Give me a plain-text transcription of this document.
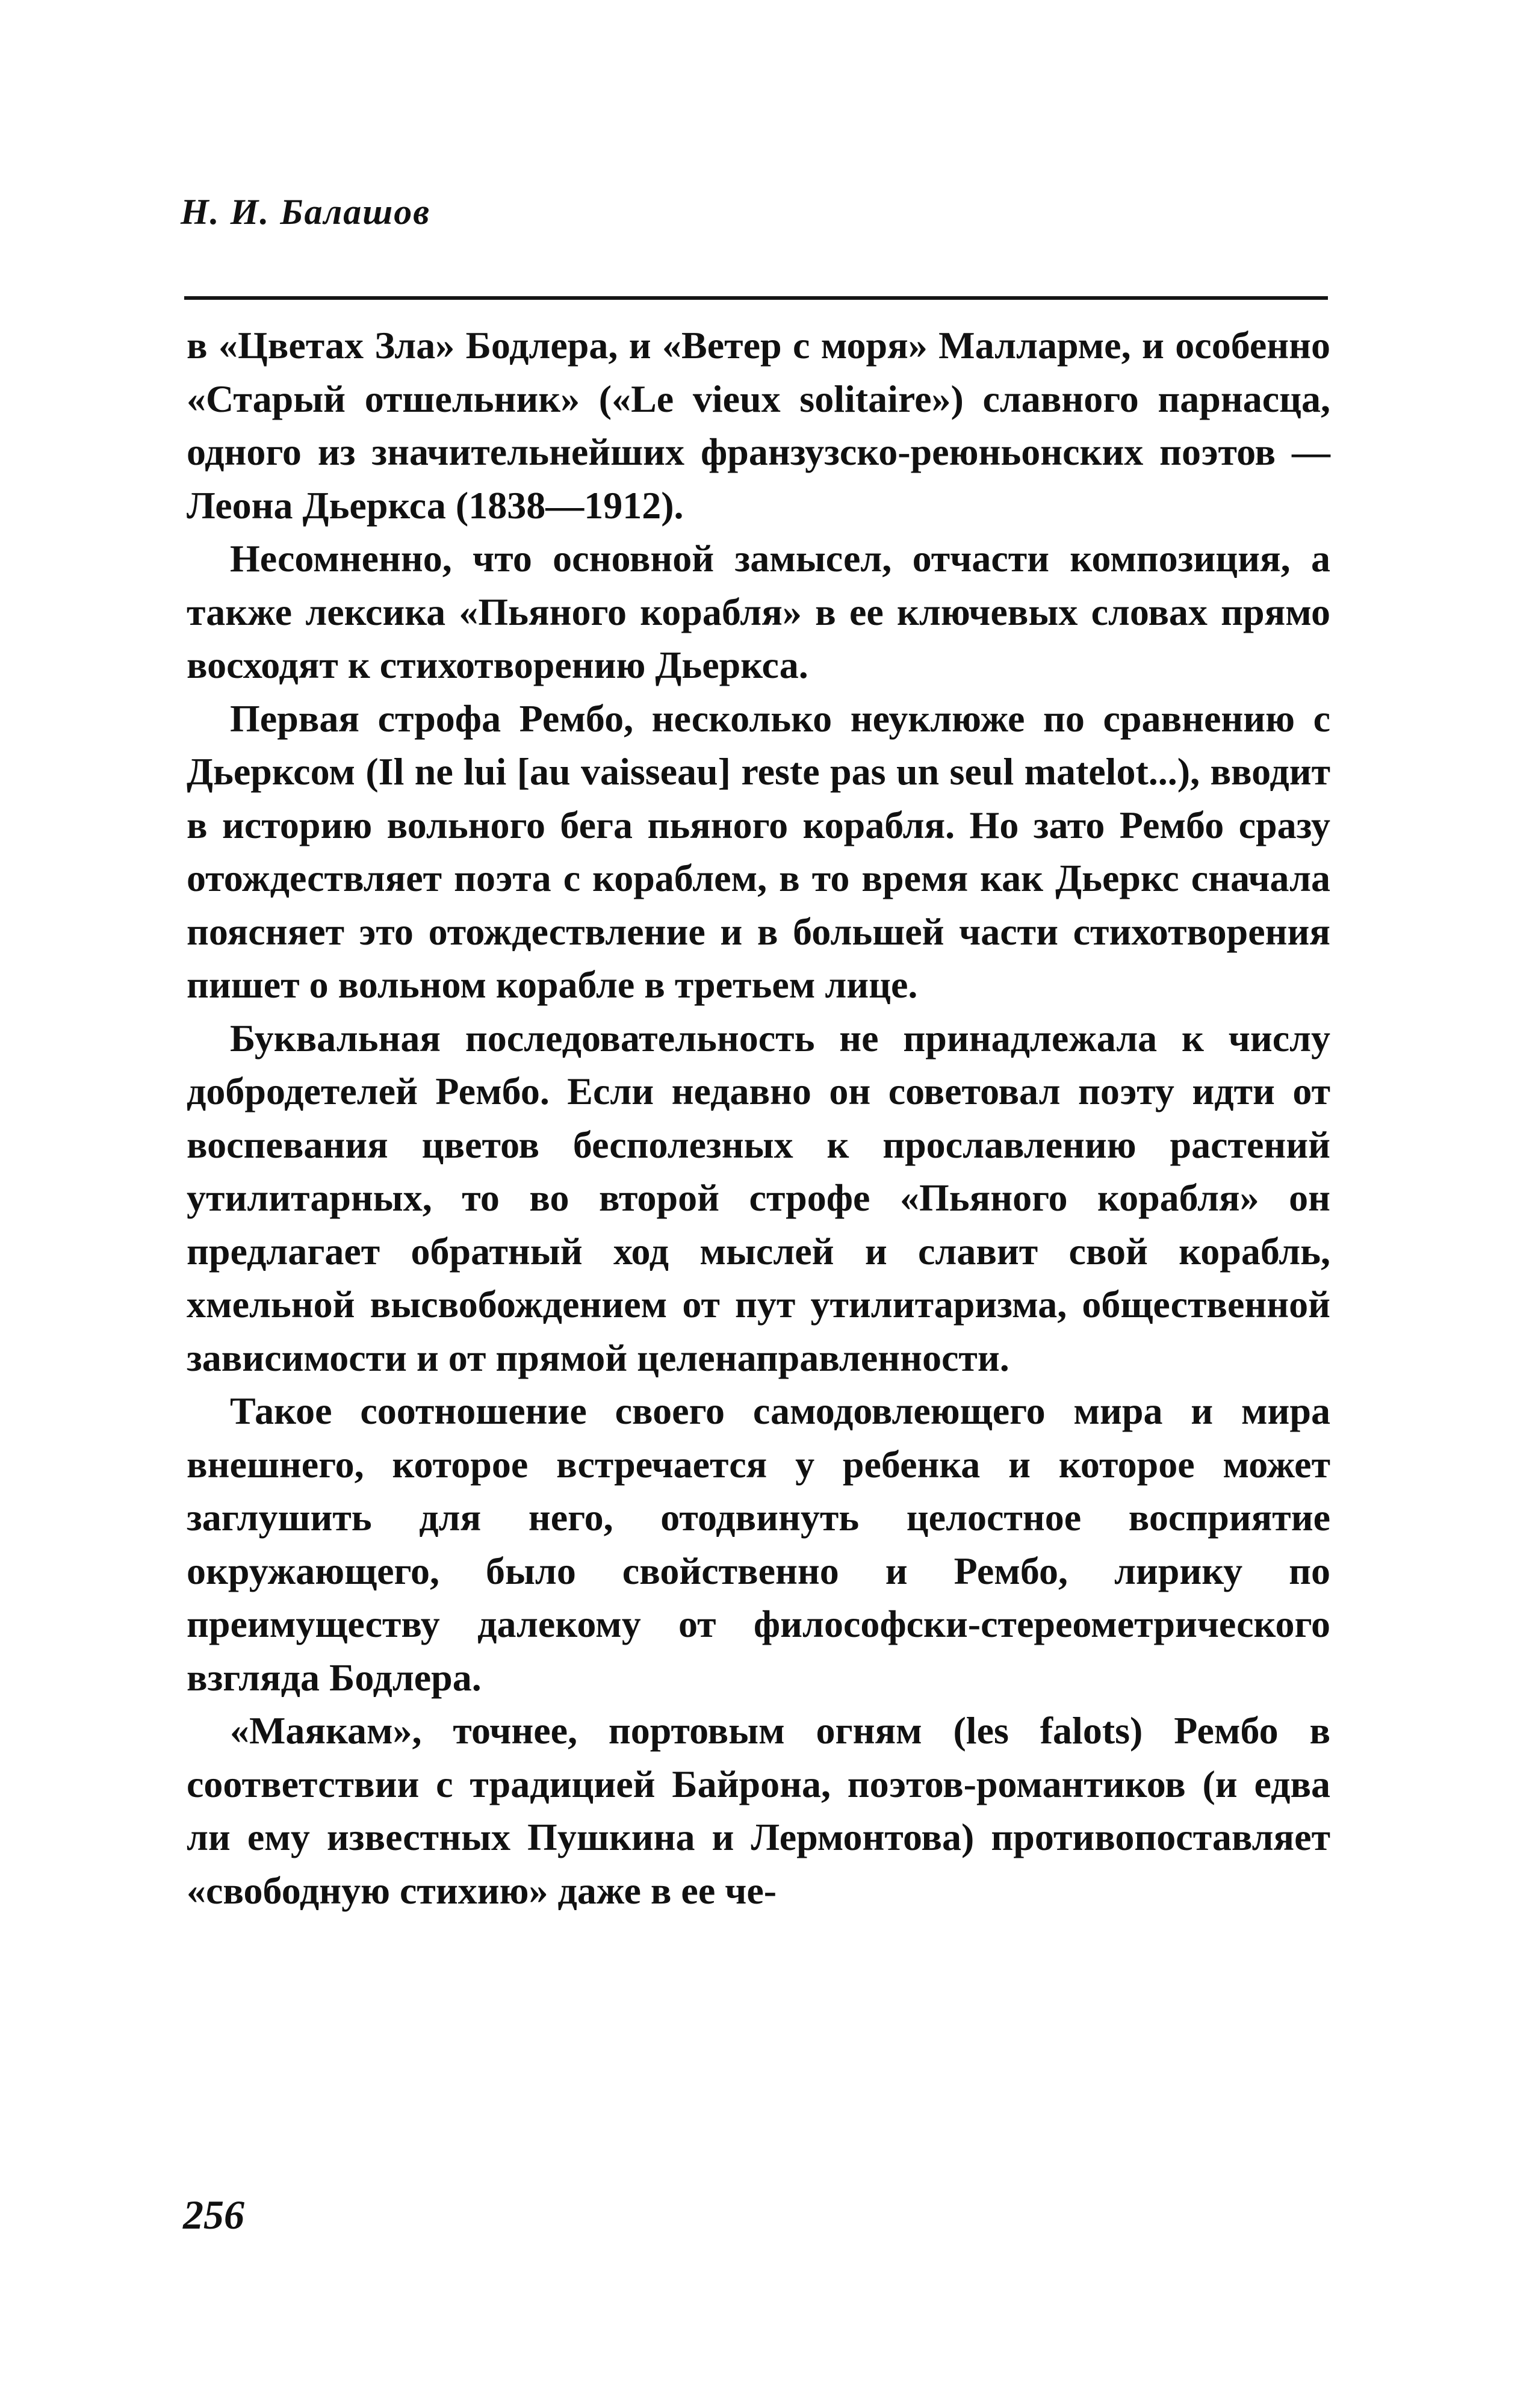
Н. И. Балашов

в «Цветах Зла» Бодлера, и «Ветер с моря» Малларме, и особенно «Старый отшельник» («Le vieux solitaire») славного парнасца, одного из значительнейших франзузско-реюньонских поэтов — Леона Дьеркса (1838—1912).

Несомненно, что основной замысел, отчасти композиция, а также лексика «Пьяного корабля» в ее ключевых словах прямо восходят к стихотворению Дьеркса.

Первая строфа Рембо, несколько неуклюже по сравнению с Дьерксом (Il ne lui [au vaisseau] reste pas un seul matelot...), вводит в историю вольного бега пьяного корабля. Но зато Рембо сразу отождествляет поэта с кораблем, в то время как Дьеркс сначала поясняет это отождествление и в большей части стихотворения пишет о вольном корабле в третьем лице.

Буквальная последовательность не принадлежала к числу добродетелей Рембо. Если недавно он советовал поэту идти от воспевания цветов бесполезных к прославлению растений утилитарных, то во второй строфе «Пьяного корабля» он предлагает обратный ход мыслей и славит свой корабль, хмельной высвобождением от пут утилитаризма, общественной зависимости и от прямой целенаправленности.

Такое соотношение своего самодовлеющего мира и мира внешнего, которое встречается у ребенка и которое может заглушить для него, отодвинуть целостное восприятие окружающего, было свойственно и Рембо, лирику по преимуществу далекому от философски-стереометрического взгляда Бодлера.

«Маякам», точнее, портовым огням (les falots) Рембо в соответствии с традицией Байрона, поэтов-романтиков (и едва ли ему известных Пушкина и Лермонтова) противопоставляет «свободную стихию» даже в ее че-

256
